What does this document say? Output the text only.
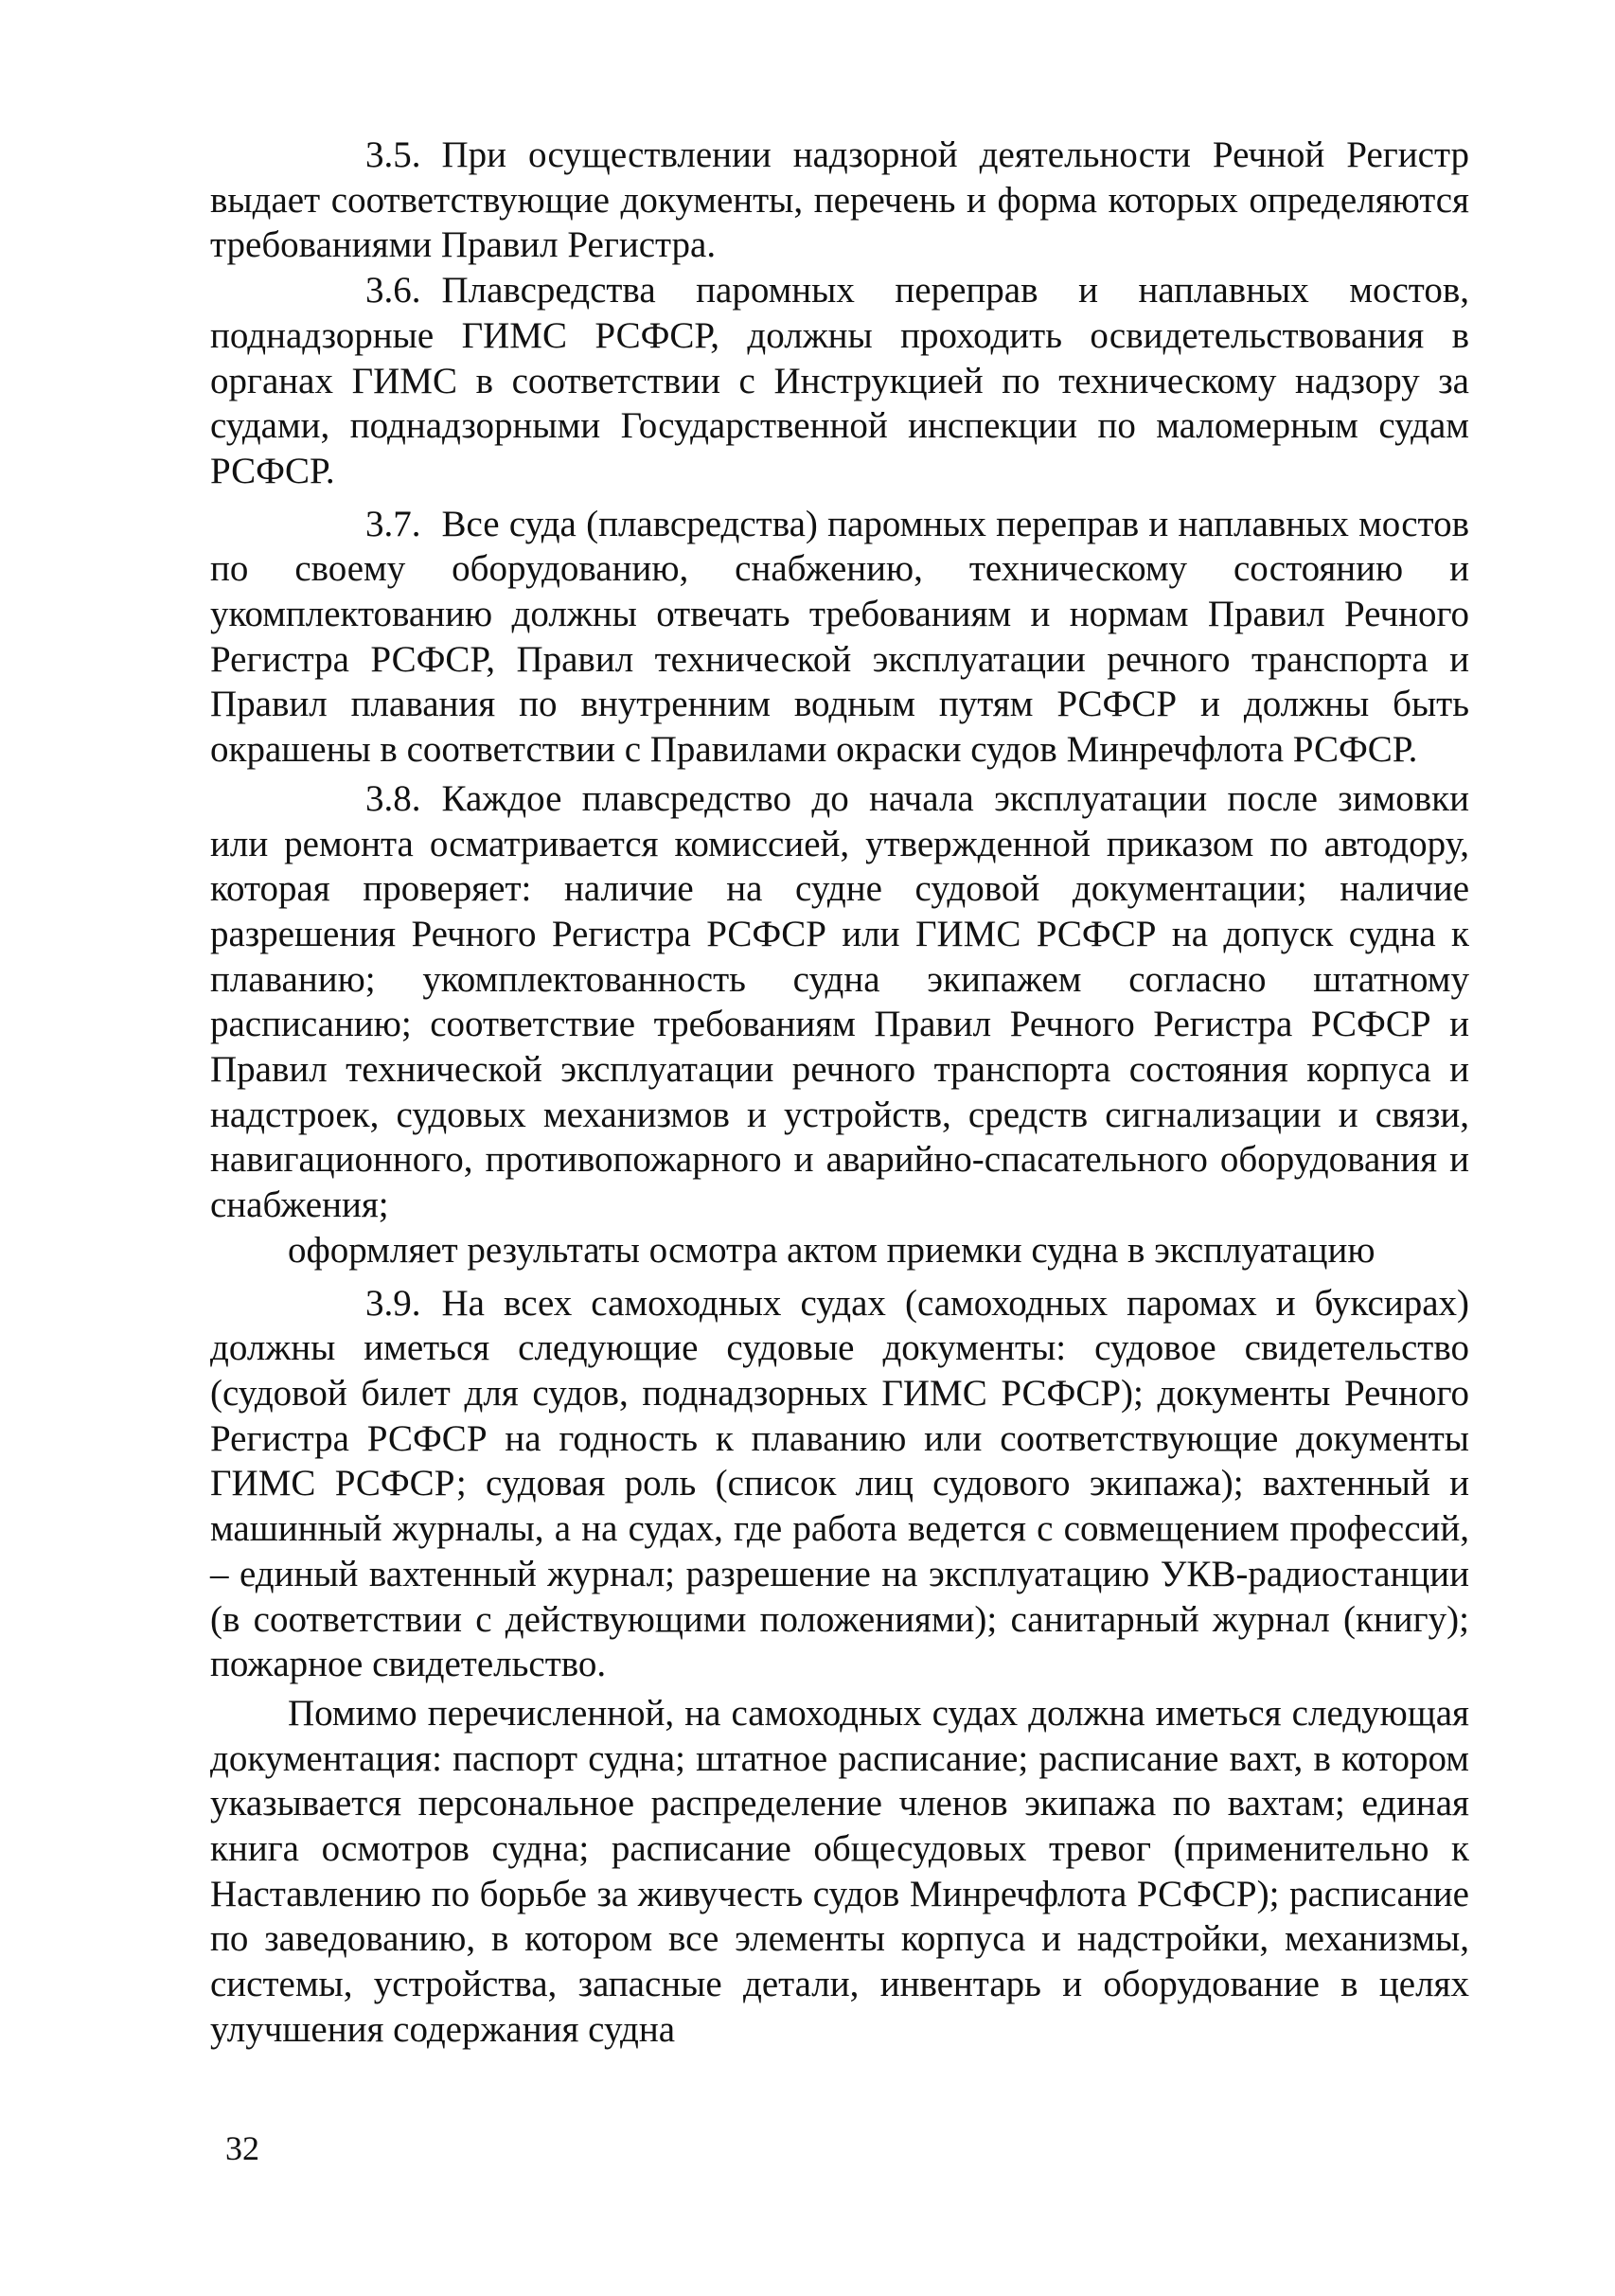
3.5. При осуществлении надзорной деятельности Речной Регистр выдает соответствующие документы, перечень и форма которых определяются требованиями Правил Регистра.

3.6. Плавсредства паромных переправ и наплавных мостов, поднадзорные ГИМС РСФСР, должны проходить освидетельствования в органах ГИМС в соответствии с Инструкцией по техническому надзору за судами, поднадзорными Государственной инспекции по маломерным судам РСФСР.

3.7. Все суда (плавсредства) паромных переправ и наплавных мостов по своему оборудованию, снабжению, техническому состоянию и укомплектованию должны отвечать требованиям и нормам Правил Речного Регистра РСФСР, Правил технической эксплуатации речного транспорта и Правил плавания по внутренним водным путям РСФСР и должны быть окрашены в соответствии с Правилами окраски судов Минречфлота РСФСР.

3.8. Каждое плавсредство до начала эксплуатации после зимовки или ремонта осматривается комиссией, утвержденной приказом по автодору, которая проверяет: наличие на судне судовой документации; наличие разрешения Речного Регистра РСФСР или ГИМС РСФСР на допуск судна к плаванию; укомплектованность судна экипажем согласно штатному расписанию; соответствие требованиям Правил Речного Регистра РСФСР и Правил технической эксплуатации речного транспорта состояния корпуса и надстроек, судовых механизмов и устройств, средств сигнализации и связи, навигационного, противопожарного и аварийно-спасательного оборудования и снабжения;

оформляет результаты осмотра актом приемки судна в эксплуатацию

3.9. На всех самоходных судах (самоходных паромах и буксирах) должны иметься следующие судовые документы: судовое свидетельство (судовой билет для судов, поднадзорных ГИМС РСФСР); документы Речного Регистра РСФСР на годность к плаванию или соответствующие документы ГИМС РСФСР; судовая роль (список лиц судового экипажа); вахтенный и машинный журналы, а на судах, где работа ведется с совмещением профессий, – единый вахтенный журнал; разрешение на эксплуатацию УКВ-радиостанции (в соответствии с действующими положениями); санитарный журнал (книгу); пожарное свидетельство.

Помимо перечисленной, на самоходных судах должна иметься следующая документация: паспорт судна; штатное расписание; расписание вахт, в котором указывается персональное распределение членов экипажа по вахтам; единая книга осмотров судна; расписание общесудовых тревог (применительно к Наставлению по борьбе за живучесть судов Минречфлота РСФСР); расписание по заведованию, в котором все элементы корпуса и надстройки, механизмы, системы, устройства, запасные детали, инвентарь и оборудование в целях улучшения содержания судна

32
